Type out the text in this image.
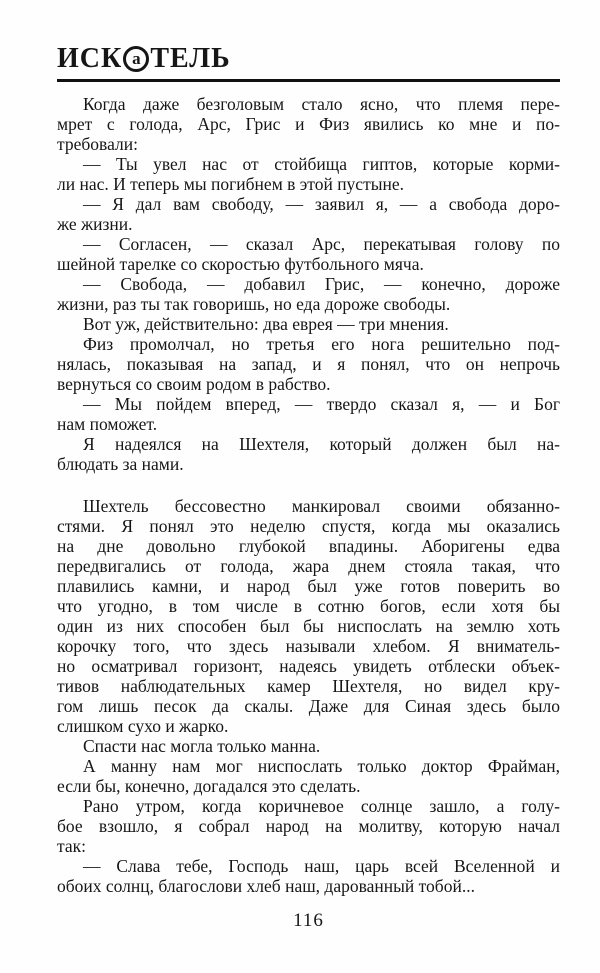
ИСК а ТЕЛЬ
Когда даже безголовым стало ясно, что племя пере-
мрет с голода, Арс, Грис и Физ явились ко мне и по-
требовали:
— Ты увел нас от стойбища гиптов, которые корми-
ли нас. И теперь мы погибнем в этой пустыне.
— Я дал вам свободу, — заявил я, — а свобода доро-
же жизни.
— Согласен, — сказал Арс, перекатывая голову по
шейной тарелке со скоростью футбольного мяча.
— Свобода, — добавил Грис, — конечно, дороже
жизни, раз ты так говоришь, но еда дороже свободы.
Вот уж, действительно: два еврея — три мнения.
Физ промолчал, но третья его нога решительно под-
нялась, показывая на запад, и я понял, что он непрочь
вернуться со своим родом в рабство.
— Мы пойдем вперед, — твердо сказал я, — и Бог
нам поможет.
Я надеялся на Шехтеля, который должен был на-
блюдать за нами.
Шехтель бессовестно манкировал своими обязанно-
стями. Я понял это неделю спустя, когда мы оказались
на дне довольно глубокой впадины. Аборигены едва
передвигались от голода, жара днем стояла такая, что
плавились камни, и народ был уже готов поверить во
что угодно, в том числе в сотню богов, если хотя бы
один из них способен был бы ниспослать на землю хоть
корочку того, что здесь называли хлебом. Я вниматель-
но осматривал горизонт, надеясь увидеть отблески объек-
тивов наблюдательных камер Шехтеля, но видел кру-
гом лишь песок да скалы. Даже для Синая здесь было
слишком сухо и жарко.
Спасти нас могла только манна.
А манну нам мог ниспослать только доктор Фрайман,
если бы, конечно, догадался это сделать.
Рано утром, когда коричневое солнце зашло, а голу-
бое взошло, я собрал народ на молитву, которую начал
так:
— Слава тебе, Господь наш, царь всей Вселенной и
обоих солнц, благослови хлеб наш, дарованный тобой...
116
